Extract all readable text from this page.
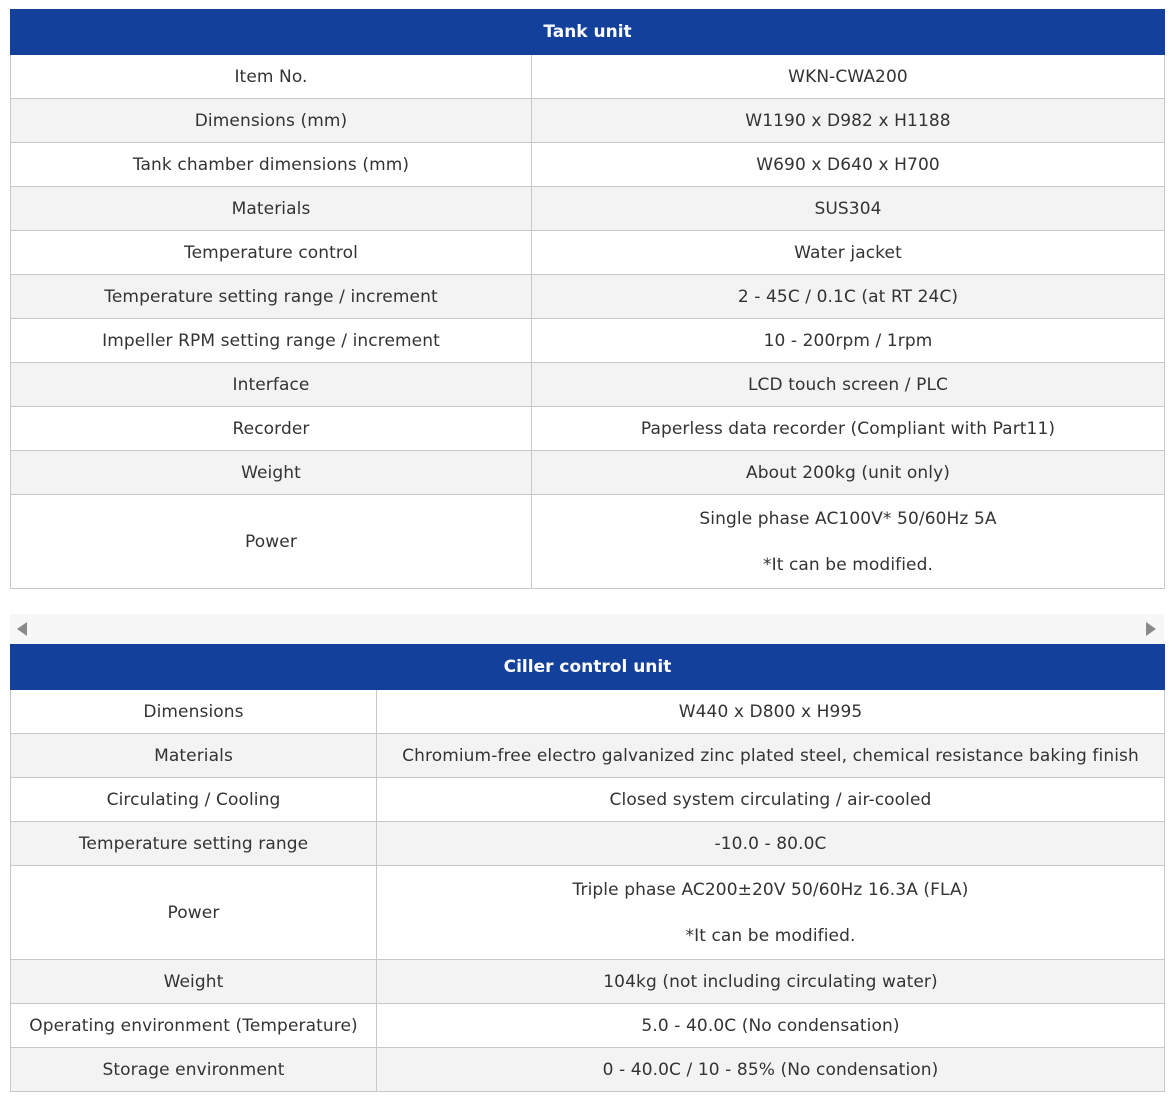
Tank unit	
Item No.	WKN-CWA200
Dimensions (mm)	W1190 x D982 x H1188
Tank chamber dimensions (mm)	W690 x D640 x H700
Materials	SUS304
Temperature control	Water jacket
Temperature setting range / increment	2 - 45C / 0.1C (at RT 24C)
Impeller RPM setting range / increment	10 - 200rpm / 1rpm
Interface	LCD touch screen / PLC
Recorder	Paperless data recorder (Compliant with Part11)
Weight	About 200kg (unit only)
Power	Single phase AC100V* 50/60Hz 5A
*It can be modified.
Ciller control unit	
Dimensions	W440 x D800 x H995
Materials	Chromium-free electro galvanized zinc plated steel, chemical resistance baking finish
Circulating / Cooling	Closed system circulating / air-cooled
Temperature setting range	-10.0 - 80.0C
Power	Triple phase AC200±20V 50/60Hz 16.3A (FLA)
*It can be modified.

Weight	104kg (not including circulating water)
Operating environment (Temperature)	5.0 - 40.0C (No condensation)
Storage environment	0 - 40.0C / 10 - 85% (No condensation)
